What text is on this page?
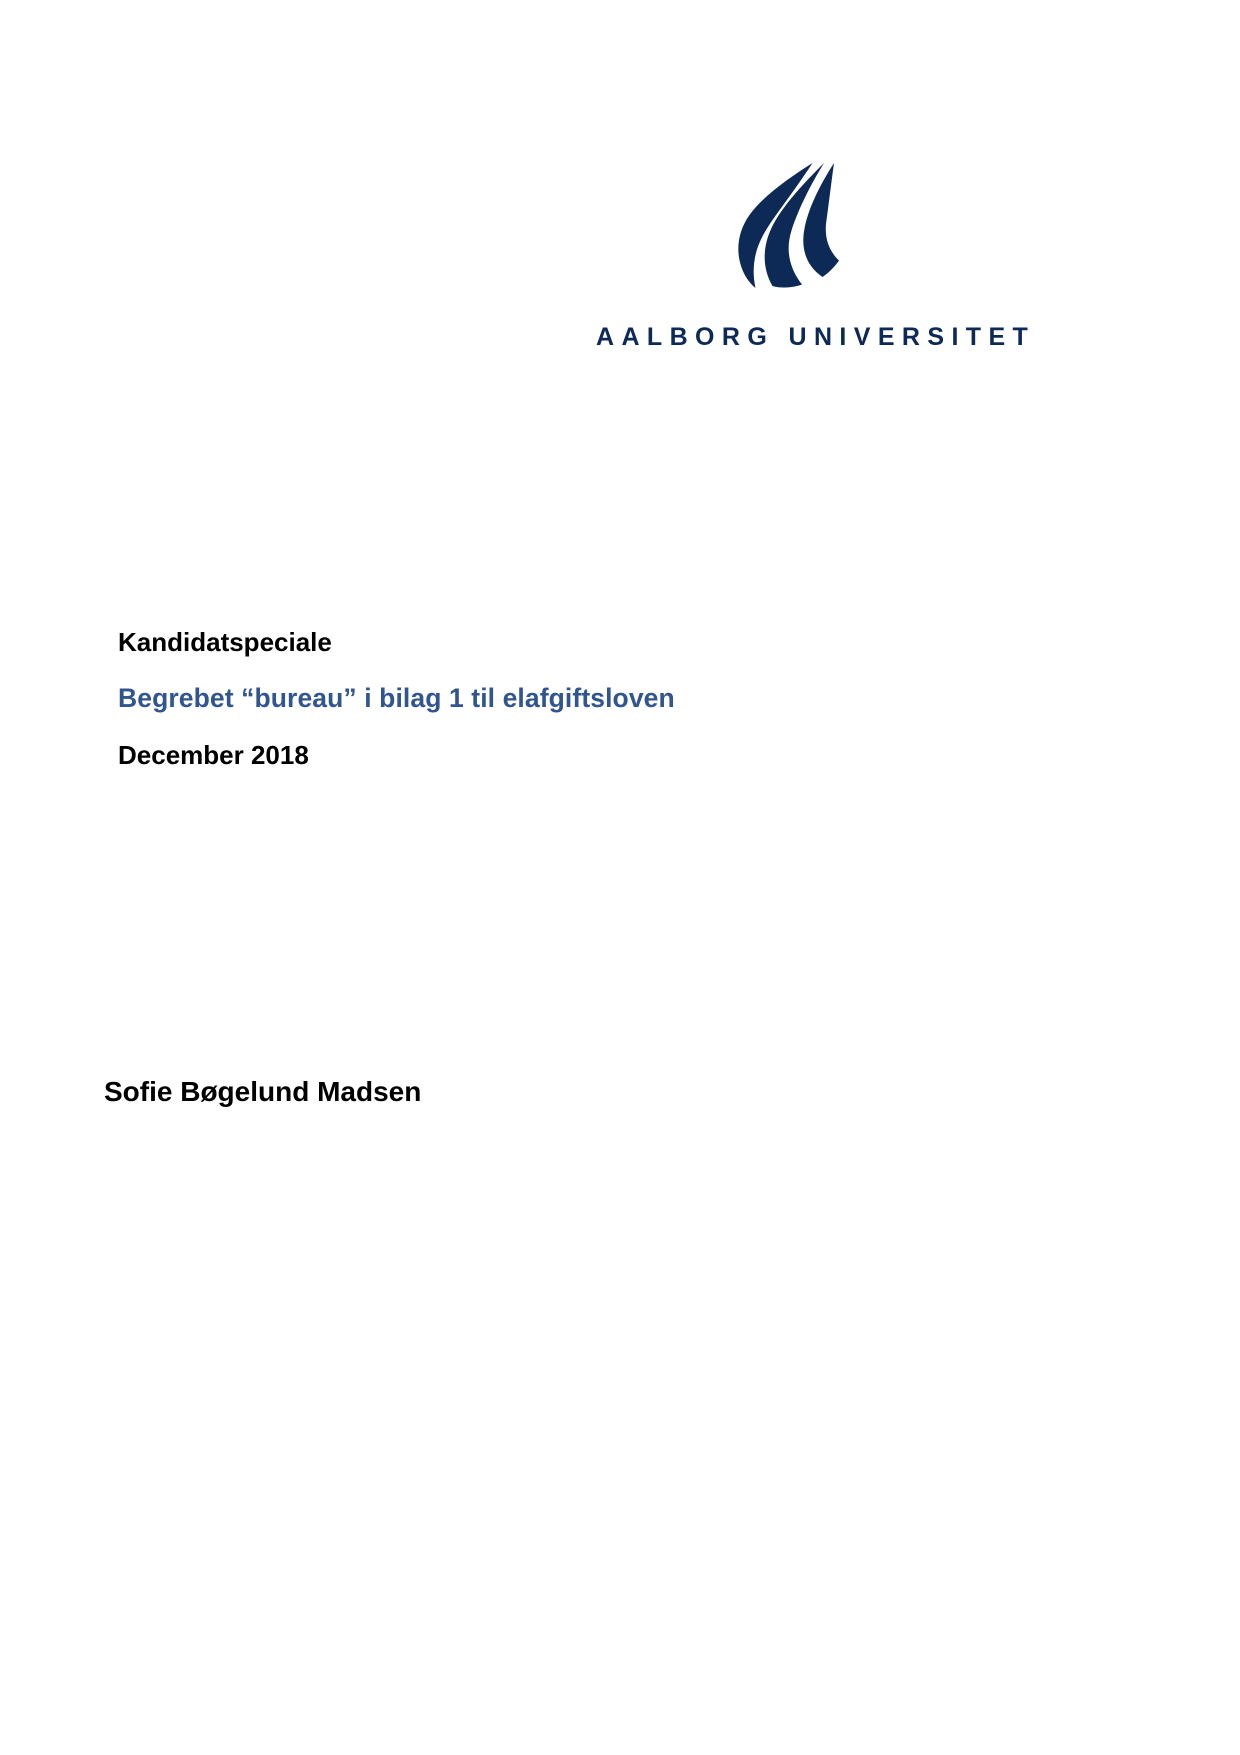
AALBORG UNIVERSITET
Kandidatspeciale
Begrebet “bureau” i bilag 1 til elafgiftsloven
December 2018
Sofie Bøgelund Madsen
